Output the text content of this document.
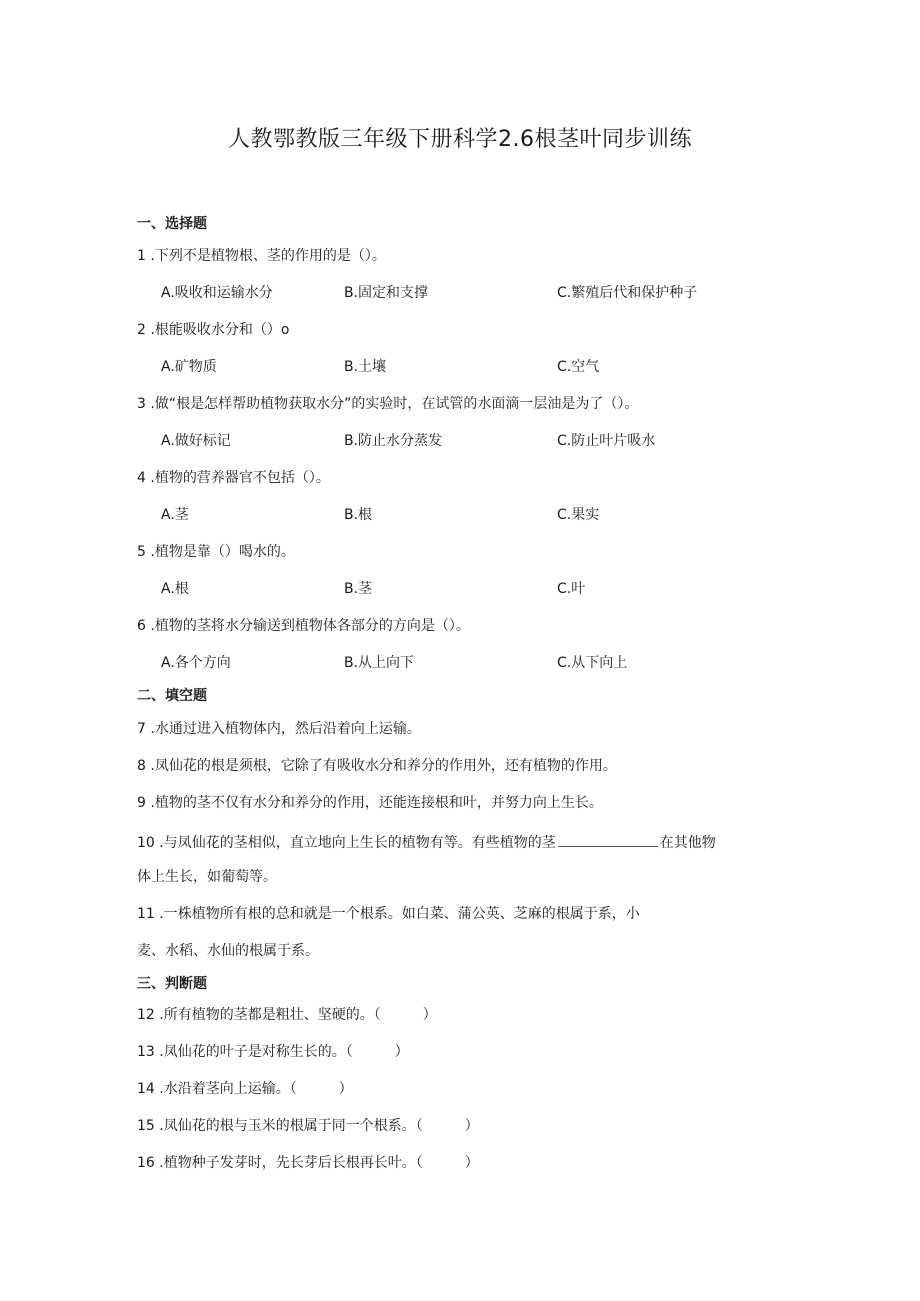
人教鄂教版三年级下册科学2.6根茎叶同步训练
一、选择题
1 .下列不是植物根、茎的作用的是（）。
A.吸收和运输水分	B.固定和支撑	C.繁殖后代和保护种子
2 .根能吸收水分和（）o
A.矿物质	B.土壤	C.空气
3 .做“根是怎样帮助植物获取水分”的实验时，在试管的水面滴一层油是为了（）。
A.做好标记	B.防止水分蒸发	C.防止叶片吸水
4 .植物的营养器官不包括（）。
A.茎	B.根	C.果实
5 .植物是靠（）喝水的。
A.根	B.茎	C.叶
6 .植物的茎将水分输送到植物体各部分的方向是（）。
A.各个方向	B.从上向下	C.从下向上
二、填空题
7 .水通过进入植物体内，然后沿着向上运输。
8 .凤仙花的根是须根，它除了有吸收水分和养分的作用外，还有植物的作用。
9 .植物的茎不仅有水分和养分的作用，还能连接根和叶，并努力向上生长。
10 .与凤仙花的茎相似，直立地向上生长的植物有等。有些植物的茎	在其他物
体上生长，如葡萄等。
11 .一株植物所有根的总和就是一个根系。如白菜、蒲公英、芝麻的根属于系，小
麦、水稻、水仙的根属于系。
三、判断题
12 .所有植物的茎都是粗壮、坚硬的。（　　　）
13 .凤仙花的叶子是对称生长的。（　　　）
14 .水沿着茎向上运输。（　　　）
15 .凤仙花的根与玉米的根属于同一个根系。（　　　）
16 .植物种子发芽时，先长芽后长根再长叶。（　　　）
